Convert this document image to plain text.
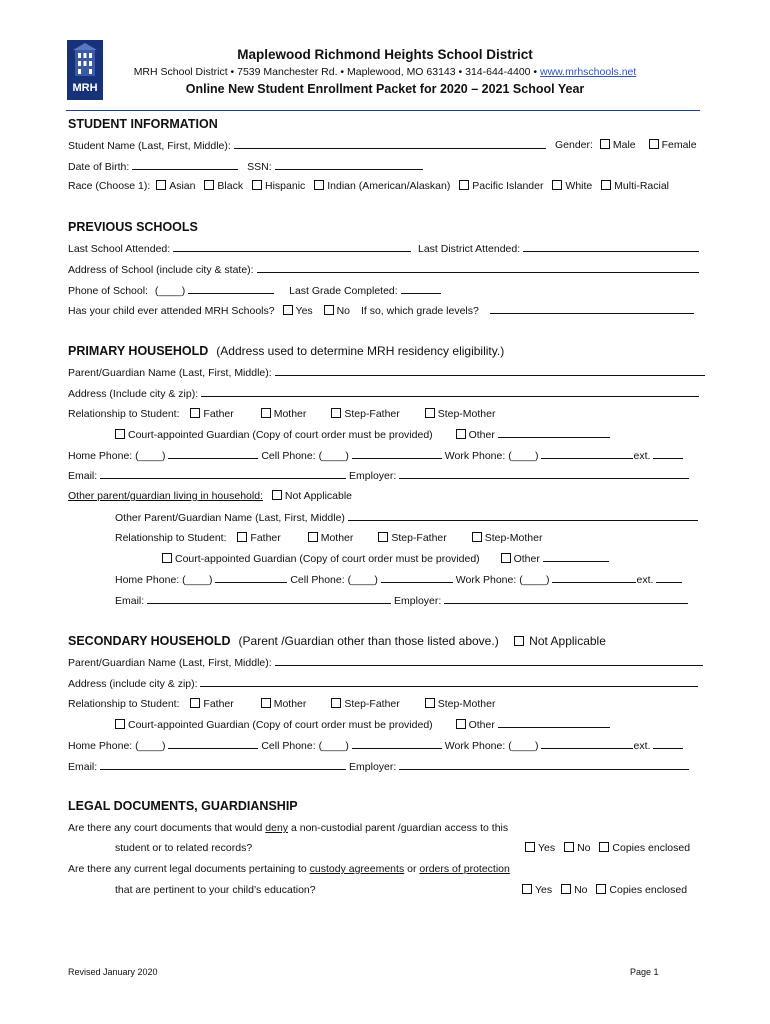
MRH
Maplewood Richmond Heights School District
MRH School District • 7539 Manchester Rd. • Maplewood, MO 63143 • 314-644-4400 • www.mrhschools.net
Online New Student Enrollment Packet for 2020 – 2021 School Year
STUDENT INFORMATION
Student Name (Last, First, Middle):	Gender: Male Female
Date of Birth:	SSN:
Race (Choose 1): Asian Black Hispanic Indian (American/Alaskan) Pacific Islander White Multi-Racial
PREVIOUS SCHOOLS
Last School Attended:	Last District Attended:
Address of School (include city & state):
Phone of School: (____)	Last Grade Completed:
Has your child ever attended MRH Schools? Yes No If so, which grade levels?
PRIMARY HOUSEHOLD (Address used to determine MRH residency eligibility.)
Parent/Guardian Name (Last, First, Middle):
Address (Include city & zip):
Relationship to Student: Father	Mother	Step-Father	Step-Mother
Court-appointed Guardian (Copy of court order must be provided)	Other
Home Phone: (____)	Cell Phone: (____)	Work Phone: (____)	ext.
Email:	Employer:
Other parent/guardian living in household: Not Applicable
Other Parent/Guardian Name (Last, First, Middle)
Relationship to Student: Father	Mother	Step-Father	Step-Mother
Court-appointed Guardian (Copy of court order must be provided)	Other
Home Phone: (____)	Cell Phone: (____)	Work Phone: (____)	ext.
Email:	Employer:
SECONDARY HOUSEHOLD (Parent /Guardian other than those listed above.)	Not Applicable
Parent/Guardian Name (Last, First, Middle):
Address (include city & zip):
Relationship to Student: Father	Mother	Step-Father	Step-Mother
Court-appointed Guardian (Copy of court order must be provided)	Other
Home Phone: (____)	Cell Phone: (____)	Work Phone: (____)	ext.
Email:	Employer:
LEGAL DOCUMENTS, GUARDIANSHIP
Are there any court documents that would deny a non-custodial parent /guardian access to this
student or to related records?	Yes No Copies enclosed
Are there any current legal documents pertaining to custody agreements or orders of protection
that are pertinent to your child’s education?	Yes No Copies enclosed
Revised January 2020	Page 1
